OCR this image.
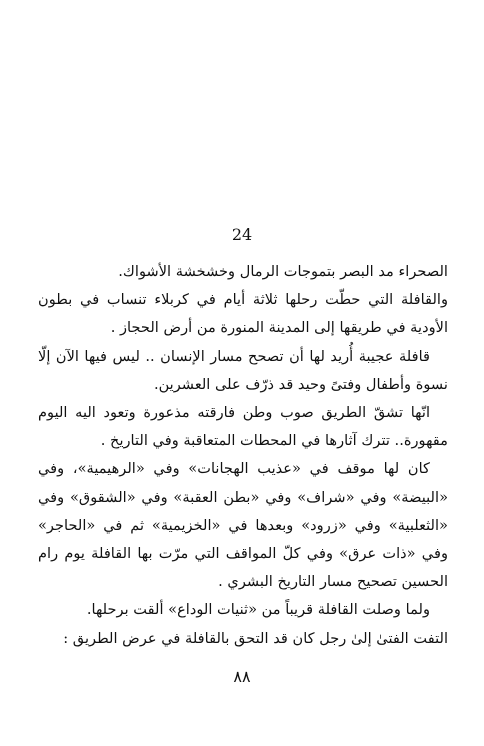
24

الصحراء مد البصر بتموجات الرمال وخشخشة الأشواك.

والقافلة التي حطّت رحلها ثلاثة أيام في كربلاء تنساب في بطون الأودية في طريقها إلى المدينة المنورة من أرض الحجاز .

قافلة عجيبة أُريد لها أن تصحح مسار الإنسان .. ليس فيها الآن إلّا نسوة وأطفال وفتىً وحيد قد ذرّف على العشرين.

انّها تشقّ الطريق صوب وطن فارقته مذعورة وتعود اليه اليوم مقهورة.. تترك آثارها في المحطات المتعاقبة وفي التاريخ .

كان لها موقف في «عذيب الهجانات» وفي «الرهيمية»، وفي «البيضة» وفي «شراف» وفي «بطن العقبة» وفي «الشقوق» وفي «الثعلبية» وفي «زرود» وبعدها في «الخزيمية» ثم في «الحاجر» وفي «ذات عرق» وفي كلّ المواقف التي مرّت بها القافلة يوم رام الحسين تصحيح مسار التاريخ البشري .

ولما وصلت القافلة قريباً من «ثنيات الوداع» ألقت برحلها.

التفت الفتىٰ إلىٰ رجل كان قد التحق بالقافلة في عرض الطريق :

٨٨
